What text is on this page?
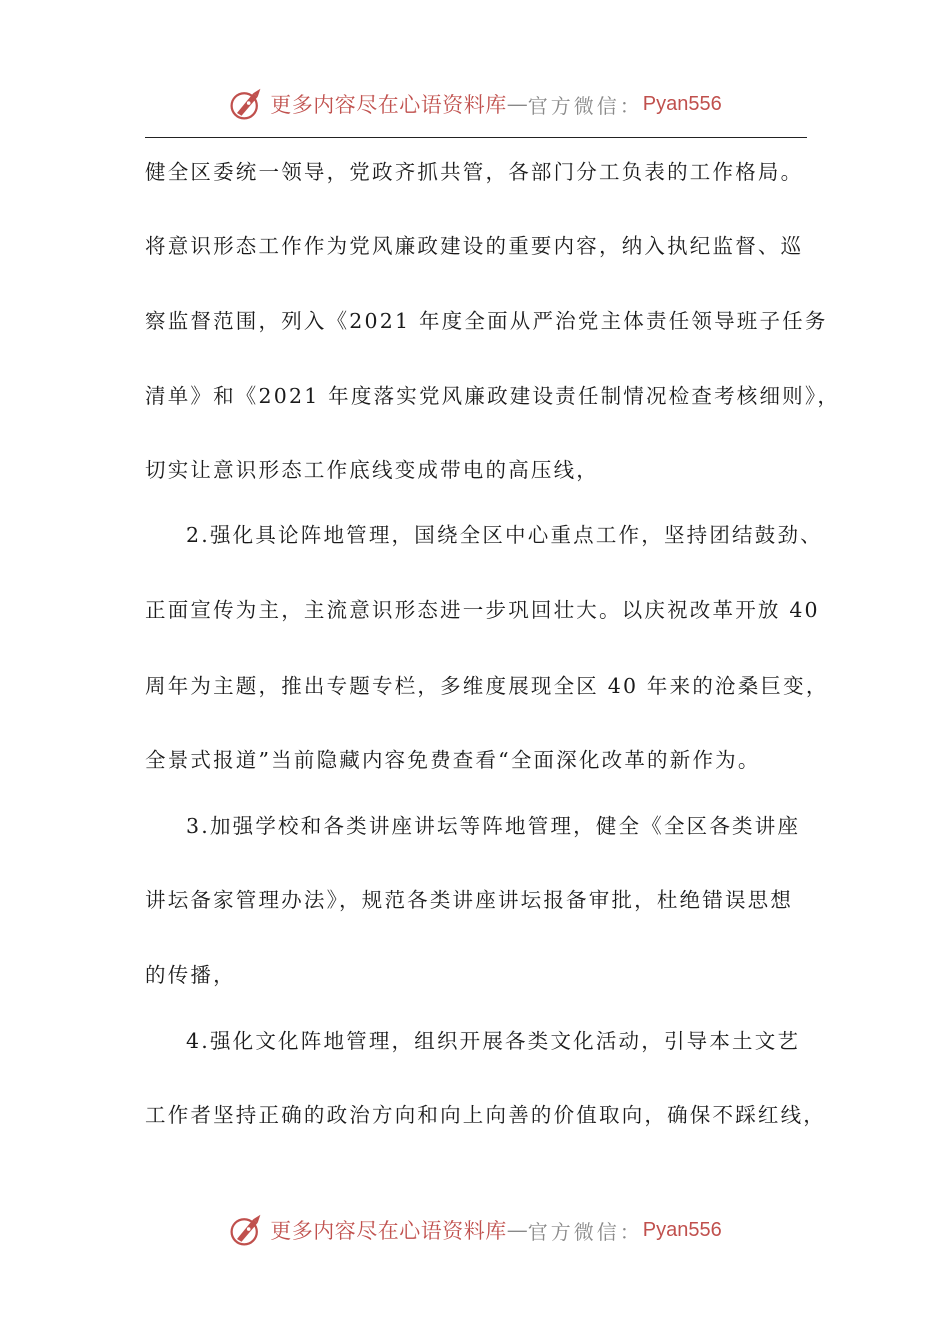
更多内容尽在心语资料库 — 官方微信： Pyan556
健全区委统一领导，党政齐抓共管，各部门分工负表的工作格局。
将意识形态工作作为党风廉政建设的重要内容，纳入执纪监督、巡
察监督范围，列入《2021 年度全面从严治党主体责任领导班子任务
清单》和《2021 年度落实党风廉政建设责任制情况检查考核细则》，
切实让意识形态工作底线变成带电的高压线，
2.强化具论阵地管理，国绕全区中心重点工作，坚持团结鼓劲、
正面宣传为主，主流意识形态进一步巩回壮大。以庆祝改革开放 40
周年为主题，推出专题专栏，多维度展现全区 40 年来的沧桑巨变，
全景式报道”当前隐藏内容免费查看“全面深化改革的新作为。
3.加强学校和各类讲座讲坛等阵地管理，健全《全区各类讲座
讲坛备家管理办法》，规范各类讲座讲坛报备审批，杜绝错误思想
的传播，
4.强化文化阵地管理，组织开展各类文化活动，引导本土文艺
工作者坚持正确的政治方向和向上向善的价值取向，确保不踩红线，
更多内容尽在心语资料库 — 官方微信： Pyan556
